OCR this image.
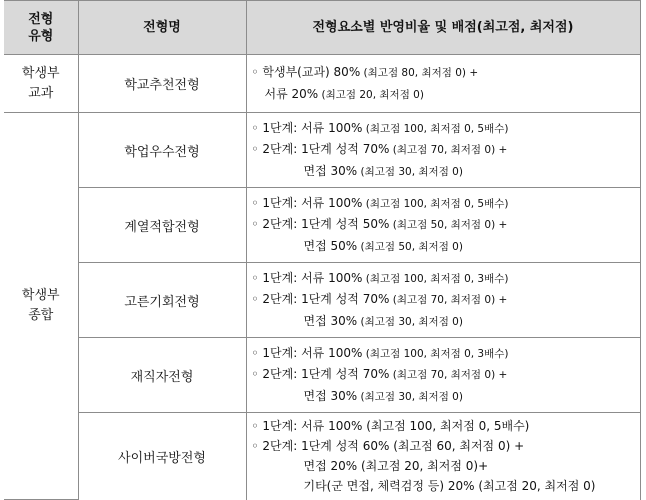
전형
유형	전형명	전형요소별 반영비율 및 배점(최고점, 최저점)

학생부
교과	학교추천전형	◦ 학생부(교과) 80% (최고점 80, 최저점 0) +
서류 20% (최고점 20, 최저점 0)

학생부
종합	학업우수전형	◦ 1단계: 서류 100% (최고점 100, 최저점 0, 5배수)
◦ 2단계: 1단계 성적 70% (최고점 70, 최저점 0) +
면접 30% (최고점 30, 최저점 0)

	계열적합전형	◦ 1단계: 서류 100% (최고점 100, 최저점 0, 5배수)
◦ 2단계: 1단계 성적 50% (최고점 50, 최저점 0) +
면접 50% (최고점 50, 최저점 0)

	고른기회전형	◦ 1단계: 서류 100% (최고점 100, 최저점 0, 3배수)
◦ 2단계: 1단계 성적 70% (최고점 70, 최저점 0) +
면접 30% (최고점 30, 최저점 0)

	재직자전형	◦ 1단계: 서류 100% (최고점 100, 최저점 0, 3배수)
◦ 2단계: 1단계 성적 70% (최고점 70, 최저점 0) +
면접 30% (최고점 30, 최저점 0)

	사이버국방전형	◦ 1단계: 서류 100% (최고점 100, 최저점 0, 5배수)
◦ 2단계: 1단계 성적 60% (최고점 60, 최저점 0) +
면접 20% (최고점 20, 최저점 0)+
기타(군 면접, 체력검정 등) 20% (최고점 20, 최저점 0)
